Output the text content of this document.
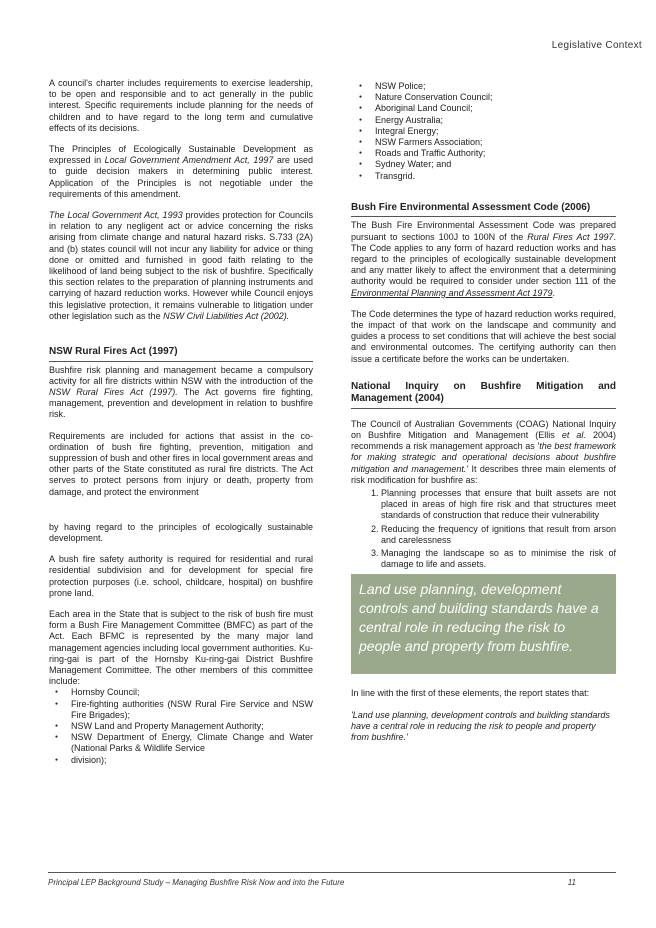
Legislative Context

A council's charter includes requirements to exercise leadership, to be open and responsible and to act generally in the public interest. Specific requirements include planning for the needs of children and to have regard to the long term and cumulative effects of its decisions.

The Principles of Ecologically Sustainable Development as expressed in Local Government Amendment Act, 1997 are used to guide decision makers in determining public interest. Application of the Principles is not negotiable under the requirements of this amendment.

The Local Government Act, 1993 provides protection for Councils in relation to any negligent act or advice concerning the risks arising from climate change and natural hazard risks. S.733 (2A) and (b) states council will not incur any liability for advice or thing done or omitted and furnished in good faith relating to the likelihood of land being subject to the risk of bushfire. Specifically this section relates to the preparation of planning instruments and carrying of hazard reduction works. However while Council enjoys this legislative protection, it remains vulnerable to litigation under other legislation such as the NSW Civil Liabilities Act (2002).

NSW Rural Fires Act (1997)

Bushfire risk planning and management became a compulsory activity for all fire districts within NSW with the introduction of the NSW Rural Fires Act (1997). The Act governs fire fighting, management, prevention and development in relation to bushfire risk.

Requirements are included for actions that assist in the co-ordination of bush fire fighting, prevention, mitigation and suppression of bush and other fires in local government areas and other parts of the State constituted as rural fire districts. The Act serves to protect persons from injury or death, property from damage, and protect the environment

by having regard to the principles of ecologically sustainable development.

A bush fire safety authority is required for residential and rural residential subdivision and for development for special fire protection purposes (i.e. school, childcare, hospital) on bushfire prone land.

Each area in the State that is subject to the risk of bush fire must form a Bush Fire Management Committee (BMFC) as part of the Act. Each BFMC is represented by the many major land management agencies including local government authorities. Ku-ring-gai is part of the Hornsby Ku-ring-gai District Bushfire Management Committee. The other members of this committee include:

● Hornsby Council;
● Fire-fighting authorities (NSW Rural Fire Service and NSW Fire Brigades);
● NSW Land and Property Management Authority;
● NSW Department of Energy, Climate Change and Water (National Parks & Wildlife Service
● division);
● NSW Police;
● Nature Conservation Council;
● Aboriginal Land Council;
● Energy Australia;
● Integral Energy;
● NSW Farmers Association;
● Roads and Traffic Authority;
● Sydney Water; and
● Transgrid.
Bush Fire Environmental Assessment Code (2006)

The Bush Fire Environmental Assessment Code was prepared pursuant to sections 100J to 100N of the Rural Fires Act 1997. The Code applies to any form of hazard reduction works and has regard to the principles of ecologically sustainable development and any matter likely to affect the environment that a determining authority would be required to consider under section 111 of the Environmental Planning and Assessment Act 1979.

The Code determines the type of hazard reduction works required, the impact of that work on the landscape and community and guides a process to set conditions that will achieve the best social and environmental outcomes. The certifying authority can then issue a certificate before the works can be undertaken.

National Inquiry on Bushfire Mitigation and Management (2004)

The Council of Australian Governments (COAG) National Inquiry on Bushfire Mitigation and Management (Ellis et al. 2004) recommends a risk management approach as 'the best framework for making strategic and operational decisions about bushfire mitigation and management.' It describes three main elements of risk modification for bushfire as:

1. Planning processes that ensure that built assets are not placed in areas of high fire risk and that structures meet standards of construction that reduce their vulnerability
2. Reducing the frequency of ignitions that result from arson and carelessness
3. Managing the landscape so as to minimise the risk of damage to life and assets.
Land use planning, development controls and building standards have a central role in reducing the risk to people and property from bushfire.

In line with the first of these elements, the report states that:

'Land use planning, development controls and building standards have a central role in reducing the risk to people and property from bushfire.'

Principal LEP Background Study – Managing Bushfire Risk Now and into the Future	11
